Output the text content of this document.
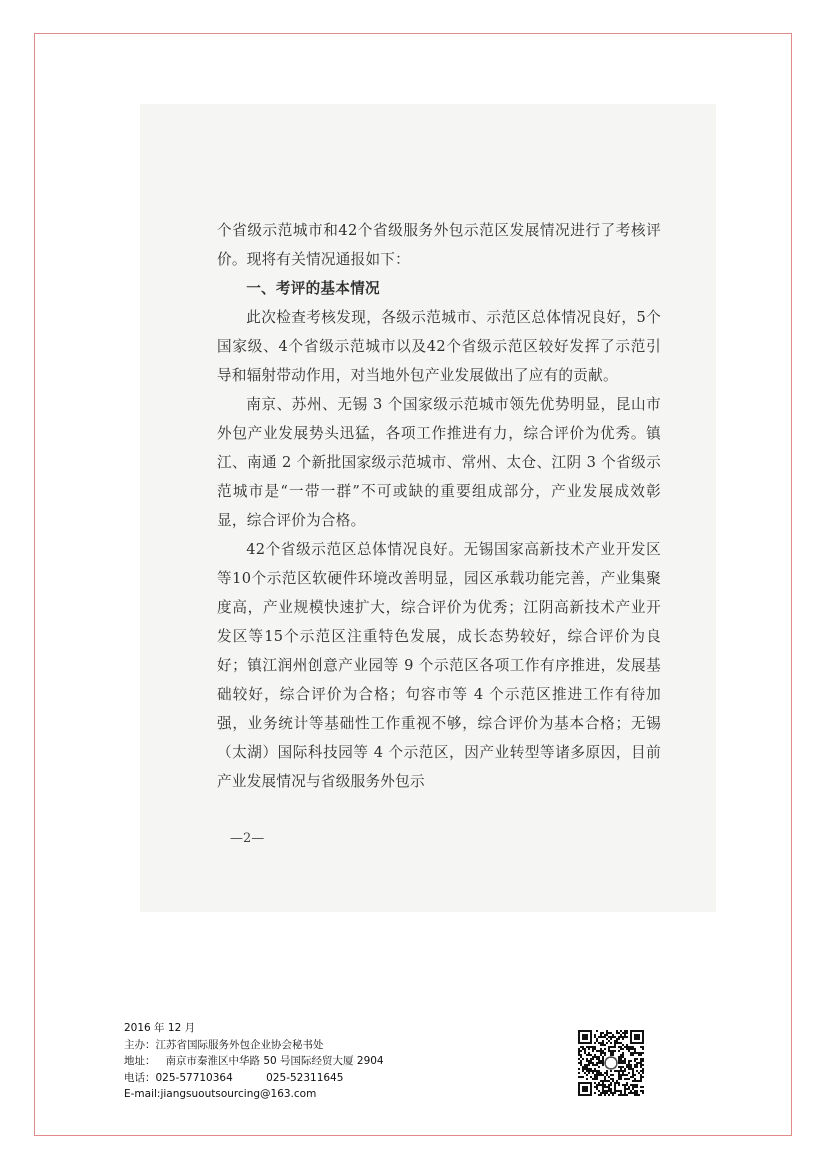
个省级示范城市和42个省级服务外包示范区发展情况进行了考核评价。现将有关情况通报如下：

一、考评的基本情况

此次检查考核发现，各级示范城市、示范区总体情况良好，5个国家级、4个省级示范城市以及42个省级示范区较好发挥了示范引导和辐射带动作用，对当地外包产业发展做出了应有的贡献。

南京、苏州、无锡 3 个国家级示范城市领先优势明显，昆山市外包产业发展势头迅猛，各项工作推进有力，综合评价为优秀。镇江、南通 2 个新批国家级示范城市、常州、太仓、江阴 3 个省级示范城市是“一带一群”不可或缺的重要组成部分，产业发展成效彰显，综合评价为合格。

42个省级示范区总体情况良好。无锡国家高新技术产业开发区等10个示范区软硬件环境改善明显，园区承载功能完善，产业集聚度高，产业规模快速扩大，综合评价为优秀；江阴高新技术产业开发区等15个示范区注重特色发展，成长态势较好，综合评价为良好；镇江润州创意产业园等 9 个示范区各项工作有序推进，发展基础较好，综合评价为合格；句容市等 4 个示范区推进工作有待加强，业务统计等基础性工作重视不够，综合评价为基本合格；无锡（太湖）国际科技园等 4 个示范区，因产业转型等诸多原因，目前产业发展情况与省级服务外包示

—2—
2016 年 12 月
主办：江苏省国际服务外包企业协会秘书处
地址：   南京市秦淮区中华路 50 号国际经贸大厦 2904
电话：025-57710364          025-52311645
E-mail:jiangsuoutsourcing@163.com
